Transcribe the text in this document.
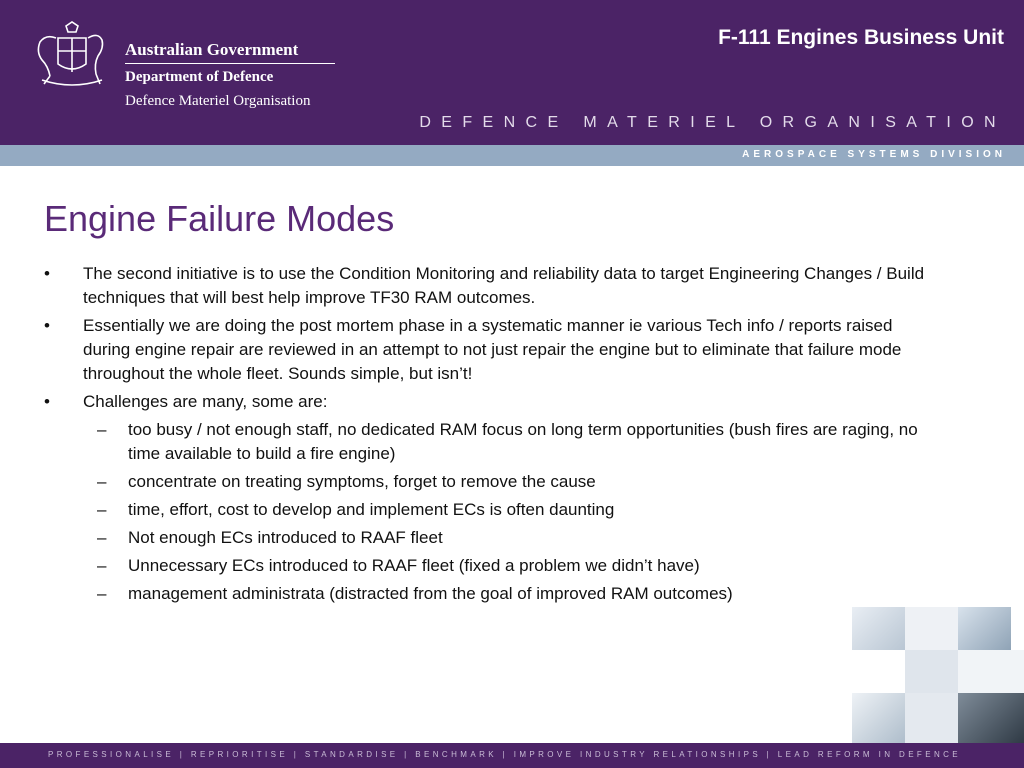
Australian Government
Department of Defence
Defence Materiel Organisation
F-111 Engines Business Unit
DEFENCE MATERIEL ORGANISATION
AEROSPACE SYSTEMS DIVISION
Engine Failure Modes
• The second initiative is to use the Condition Monitoring and reliability data to target Engineering Changes / Build techniques that will best help improve TF30 RAM outcomes.
• Essentially we are doing the post mortem phase in a systematic manner ie various Tech info / reports raised during engine repair are reviewed in an attempt to not just repair the engine but to eliminate that failure mode throughout the whole fleet. Sounds simple, but isn’t!
• Challenges are many, some are:
– too busy / not enough staff, no dedicated RAM focus on long term opportunities (bush fires are raging, no time available to build a fire engine)
– concentrate on treating symptoms, forget to remove the cause
– time, effort, cost to develop and implement ECs is often daunting
– Not enough ECs introduced to RAAF fleet
– Unnecessary ECs introduced to RAAF fleet (fixed a problem we didn’t have)
– management administrata (distracted from the goal of improved RAM outcomes)
PROFESSIONALISE | REPRIORITISE | STANDARDISE | BENCHMARK | IMPROVE INDUSTRY RELATIONSHIPS | LEAD REFORM IN DEFENCE
